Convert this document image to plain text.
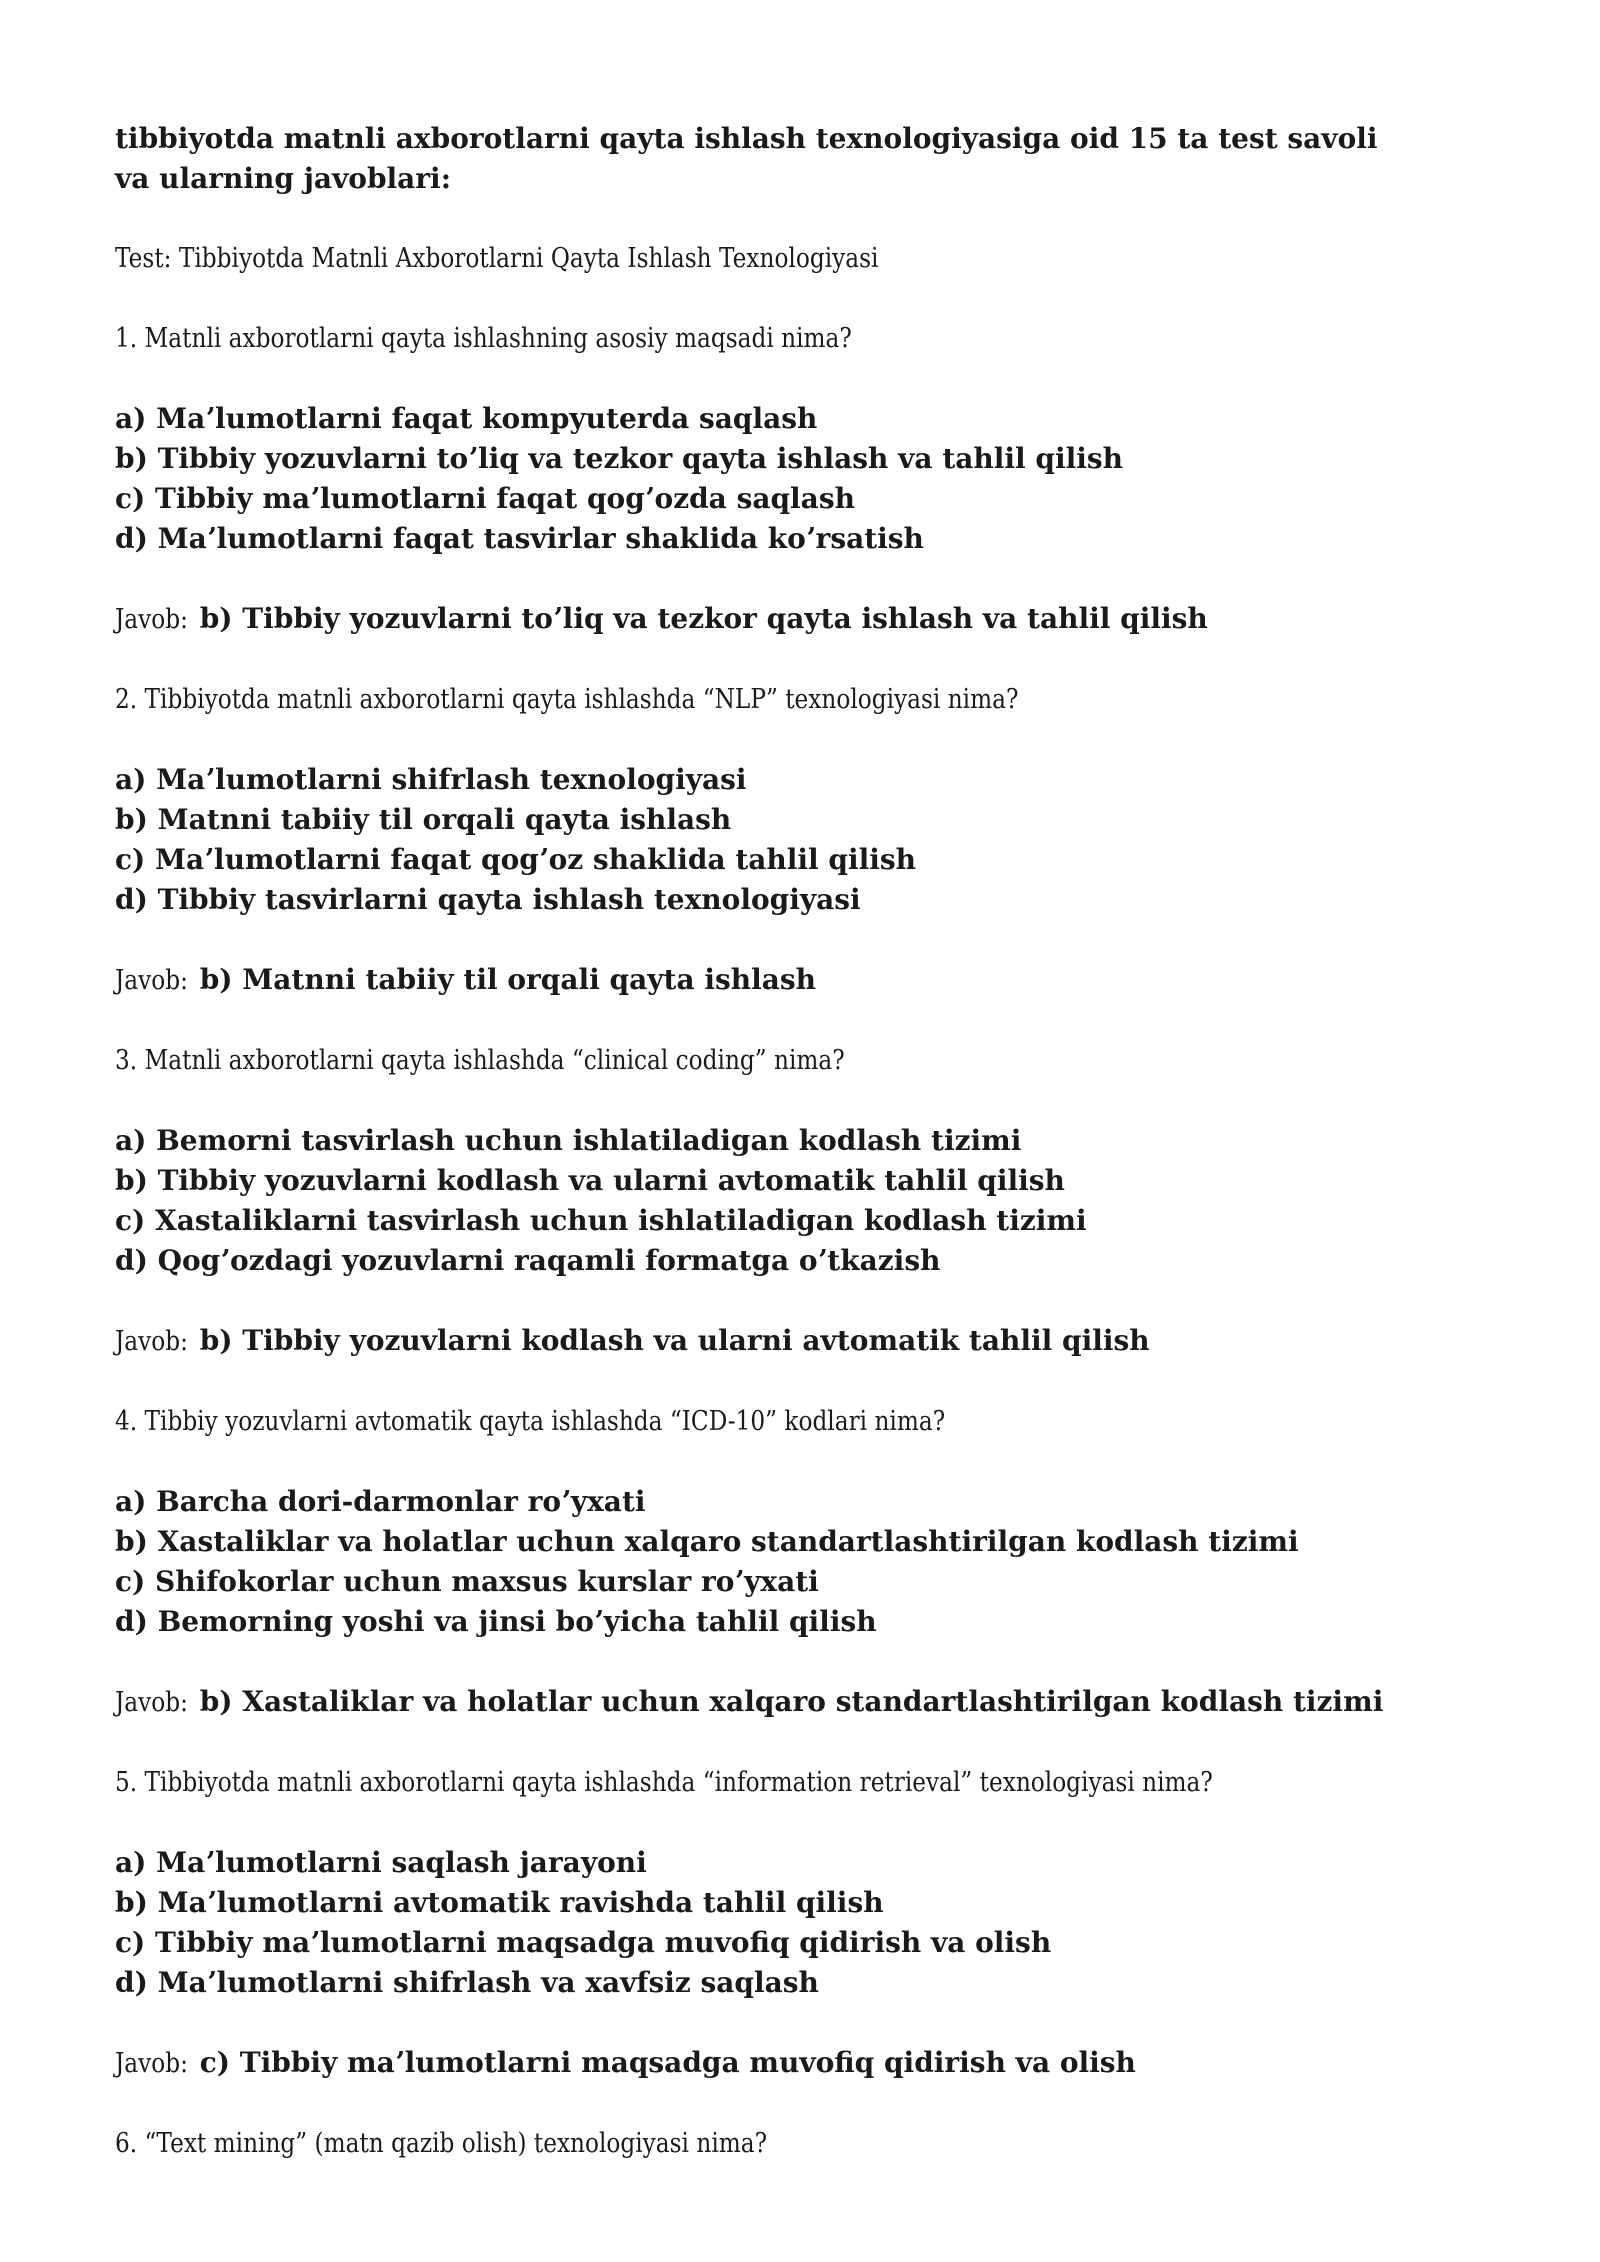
tibbiyotda matnli axborotlarni qayta ishlash texnologiyasiga oid 15 ta test savoli va ularning javoblari:
Test: Tibbiyotda Matnli Axborotlarni Qayta Ishlash Texnologiyasi
1. Matnli axborotlarni qayta ishlashning asosiy maqsadi nima?
a) Maʼlumotlarni faqat kompyuterda saqlash
b) Tibbiy yozuvlarni toʼliq va tezkor qayta ishlash va tahlil qilish
c) Tibbiy maʼlumotlarni faqat qogʼozda saqlash
d) Maʼlumotlarni faqat tasvirlar shaklida koʼrsatish

Javob: b) Tibbiy yozuvlarni toʼliq va tezkor qayta ishlash va tahlil qilish

2. Tibbiyotda matnli axborotlarni qayta ishlashda “NLP” texnologiyasi nima?
a) Maʼlumotlarni shifrlash texnologiyasi
b) Matnni tabiiy til orqali qayta ishlash
c) Maʼlumotlarni faqat qogʼoz shaklida tahlil qilish
d) Tibbiy tasvirlarni qayta ishlash texnologiyasi

Javob: b) Matnni tabiiy til orqali qayta ishlash

3. Matnli axborotlarni qayta ishlashda “clinical coding” nima?
a) Bemorni tasvirlash uchun ishlatiladigan kodlash tizimi
b) Tibbiy yozuvlarni kodlash va ularni avtomatik tahlil qilish
c) Xastaliklarni tasvirlash uchun ishlatiladigan kodlash tizimi
d) Qogʼozdagi yozuvlarni raqamli formatga oʼtkazish

Javob: b) Tibbiy yozuvlarni kodlash va ularni avtomatik tahlil qilish

4. Tibbiy yozuvlarni avtomatik qayta ishlashda “ICD-10” kodlari nima?
a) Barcha dori-darmonlar roʼyxati
b) Xastaliklar va holatlar uchun xalqaro standartlashtirilgan kodlash tizimi
c) Shifokorlar uchun maxsus kurslar roʼyxati
d) Bemorning yoshi va jinsi boʼyicha tahlil qilish

Javob: b) Xastaliklar va holatlar uchun xalqaro standartlashtirilgan kodlash tizimi

5. Tibbiyotda matnli axborotlarni qayta ishlashda “information retrieval” texnologiyasi nima?
a) Maʼlumotlarni saqlash jarayoni
b) Maʼlumotlarni avtomatik ravishda tahlil qilish
c) Tibbiy maʼlumotlarni maqsadga muvofiq qidirish va olish
d) Maʼlumotlarni shifrlash va xavfsiz saqlash

Javob: c) Tibbiy maʼlumotlarni maqsadga muvofiq qidirish va olish

6. “Text mining” (matn qazib olish) texnologiyasi nima?
